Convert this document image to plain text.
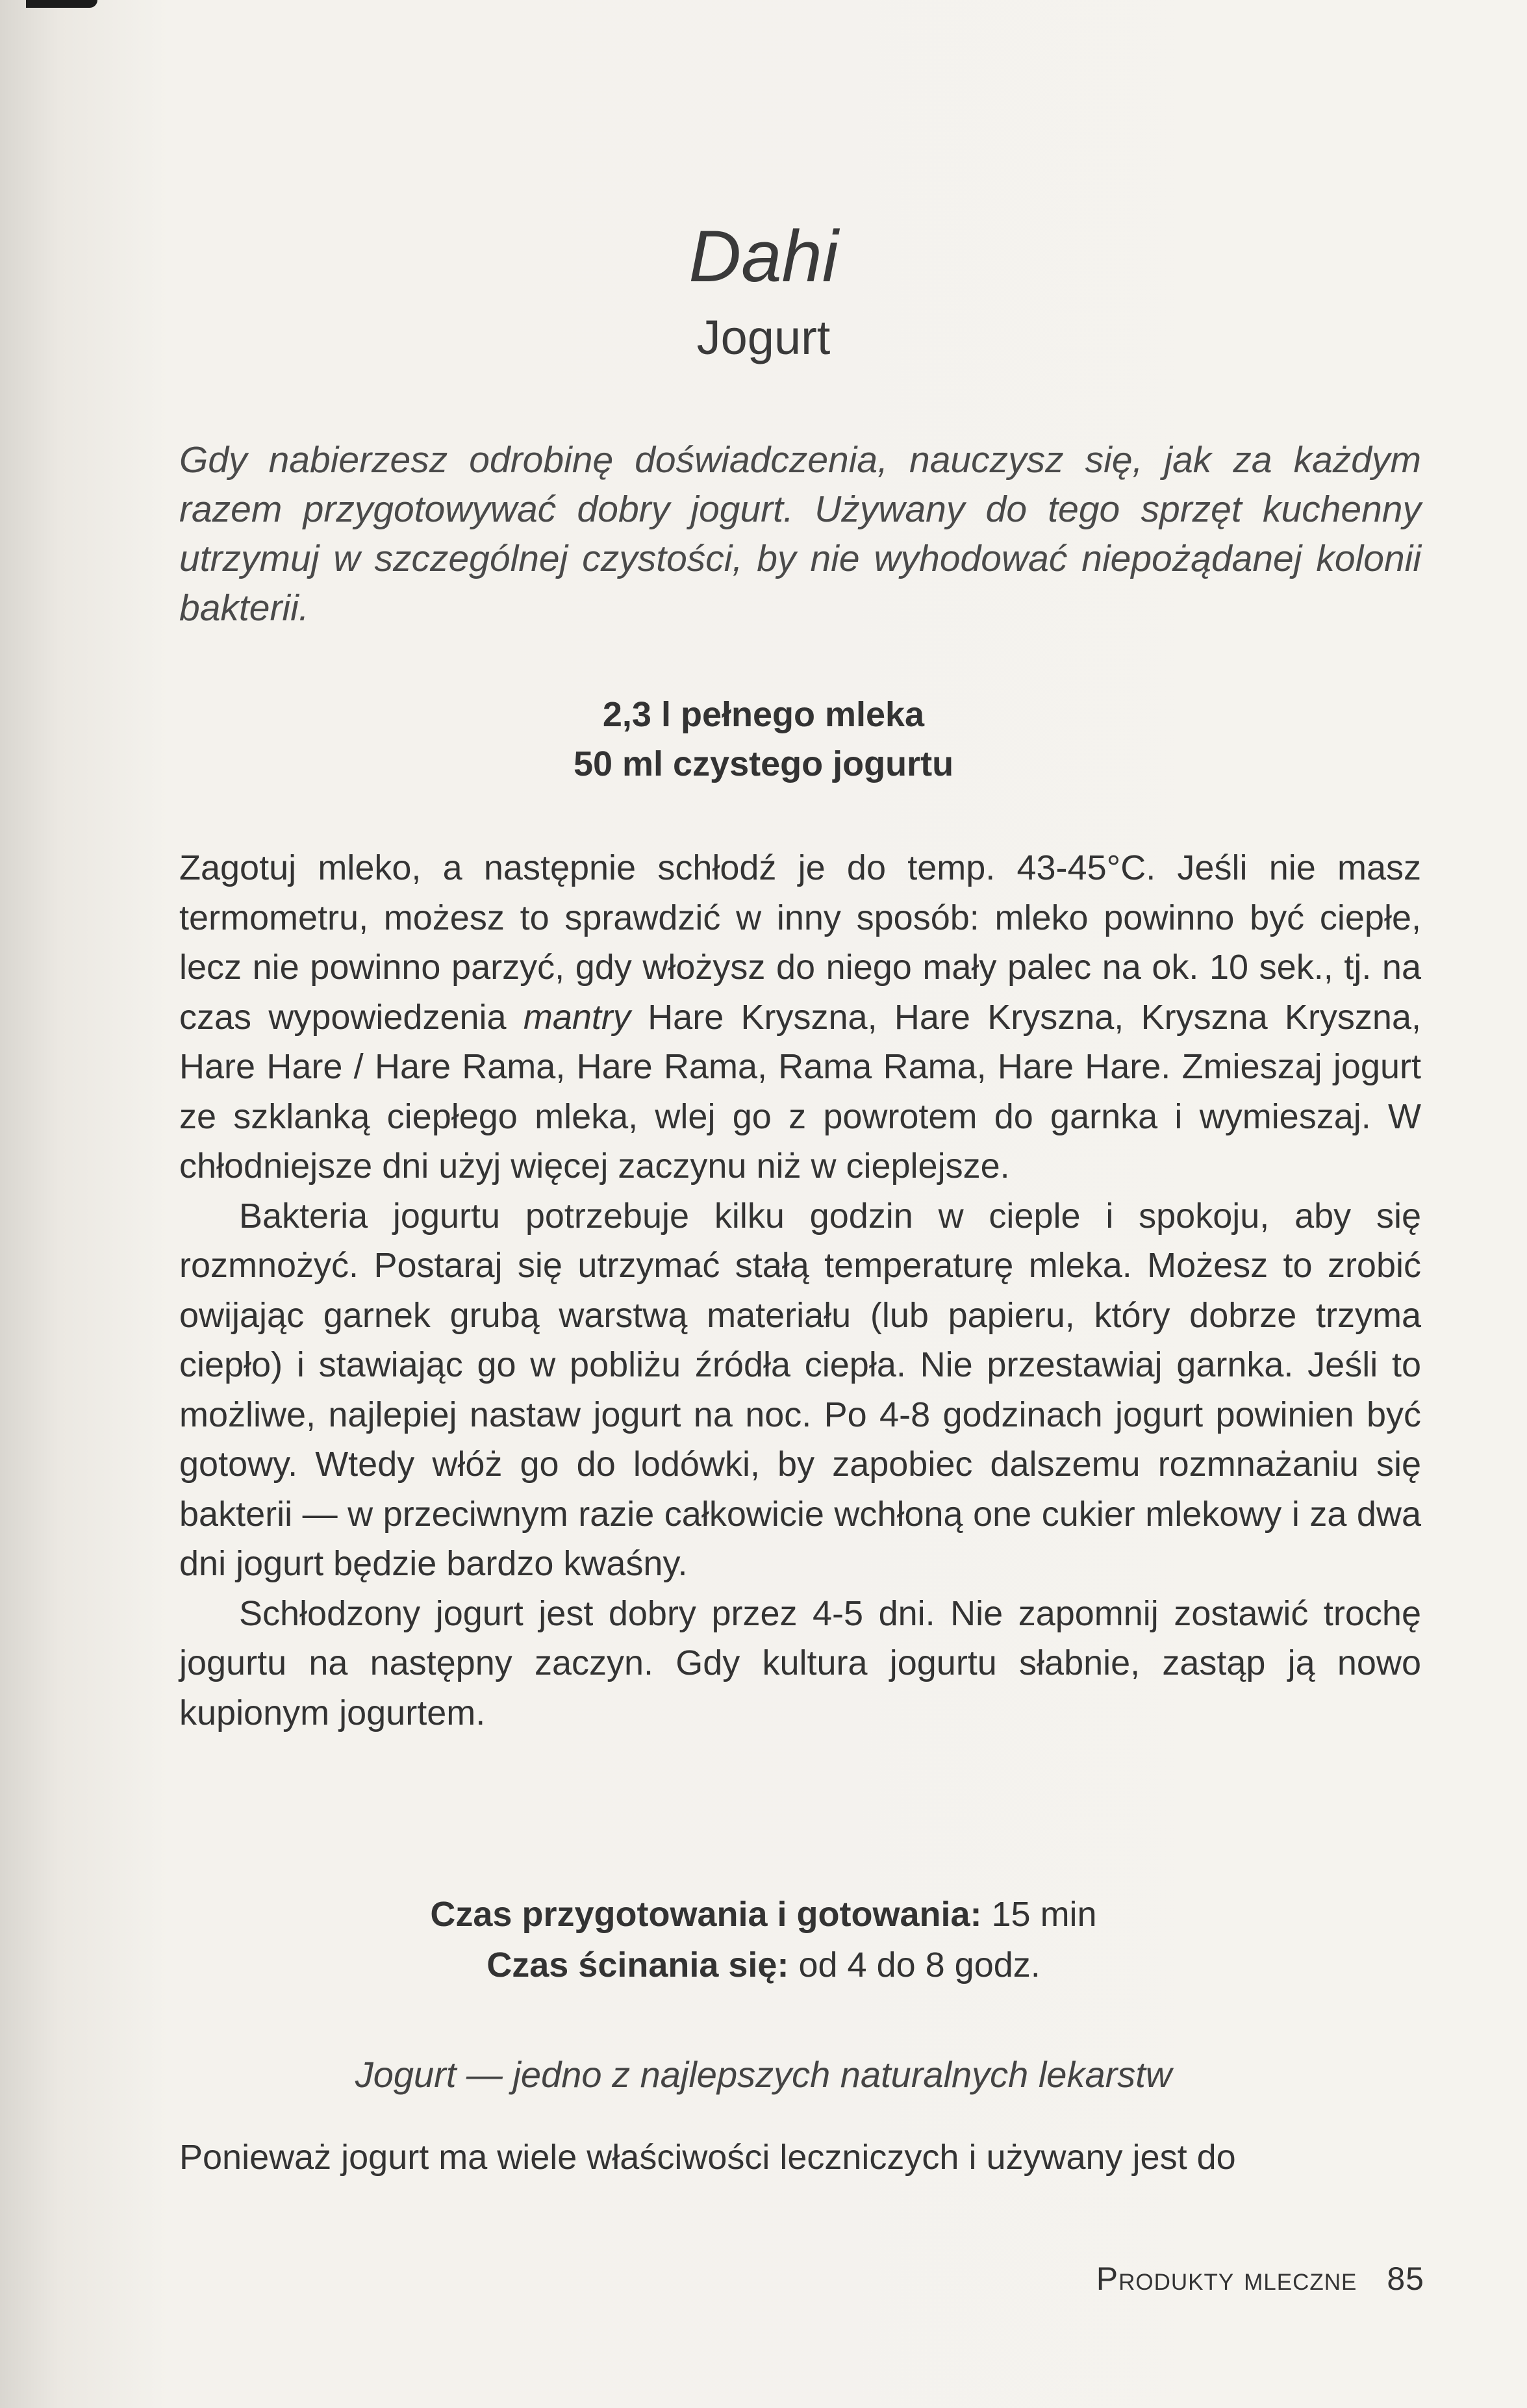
Dahi
Jogurt

Gdy nabierzesz odrobinę doświadczenia, nauczysz się, jak za każdym razem przygotowywać dobry jogurt. Używany do tego sprzęt kuchenny utrzymuj w szczególnej czystości, by nie wyhodować niepożądanej kolonii bakterii.

2,3 l pełnego mleka
50 ml czystego jogurtu

Zagotuj mleko, a następnie schłodź je do temp. 43-45°C. Jeśli nie masz termometru, możesz to sprawdzić w inny sposób: mleko powinno być ciepłe, lecz nie powinno parzyć, gdy włożysz do niego mały palec na ok. 10 sek., tj. na czas wypowiedzenia mantry Hare Kryszna, Hare Kryszna, Kryszna Kryszna, Hare Hare / Hare Rama, Hare Rama, Rama Rama, Hare Hare. Zmieszaj jogurt ze szklanką ciepłego mleka, wlej go z powrotem do garnka i wymieszaj. W chłodniejsze dni użyj więcej zaczynu niż w cieplejsze.

Bakteria jogurtu potrzebuje kilku godzin w cieple i spokoju, aby się rozmnożyć. Postaraj się utrzymać stałą temperaturę mleka. Możesz to zrobić owijając garnek grubą warstwą materiału (lub papieru, który dobrze trzyma ciepło) i stawiając go w pobliżu źródła ciepła. Nie przestawiaj garnka. Jeśli to możliwe, najlepiej nastaw jogurt na noc. Po 4-8 godzinach jogurt powinien być gotowy. Wtedy włóż go do lodówki, by zapobiec dalszemu rozmnażaniu się bakterii — w przeciwnym razie całkowicie wchłoną one cukier mlekowy i za dwa dni jogurt będzie bardzo kwaśny.

Schłodzony jogurt jest dobry przez 4-5 dni. Nie zapomnij zostawić trochę jogurtu na następny zaczyn. Gdy kultura jogurtu słabnie, zastąp ją nowo kupionym jogurtem.

Czas przygotowania i gotowania: 15 min
Czas ścinania się: od 4 do 8 godz.
Jogurt — jedno z najlepszych naturalnych lekarstw

Ponieważ jogurt ma wiele właściwości leczniczych i używany jest do

Produkty mleczne 85
